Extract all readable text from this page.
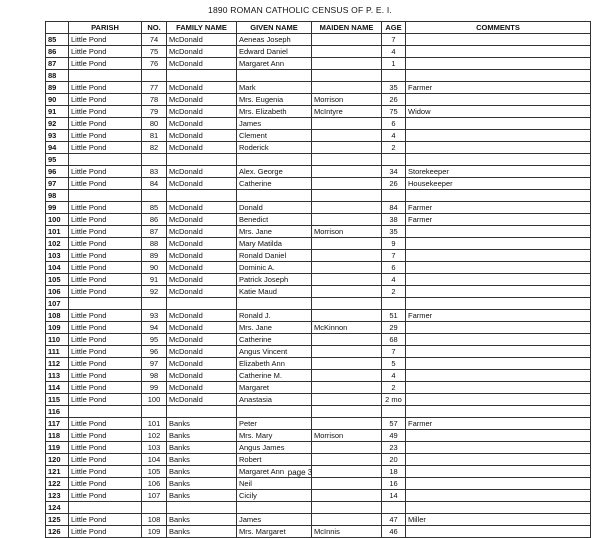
1890 ROMAN CATHOLIC CENSUS OF P. E. I.
	PARISH	NO.	FAMILY NAME	GIVEN NAME	MAIDEN NAME	AGE	COMMENTS
85	Little Pond	74	McDonald	Aeneas Joseph		7	
86	Little Pond	75	McDonald	Edward Daniel		4	
87	Little Pond	76	McDonald	Margaret Ann		1	
88							
89	Little Pond	77	McDonald	Mark		35	Farmer
90	Little Pond	78	McDonald	Mrs. Eugenia	Morrison	26	
91	Little Pond	79	McDonald	Mrs. Elizabeth	McIntyre	75	Widow
92	Little Pond	80	McDonald	James		6	
93	Little Pond	81	McDonald	Clement		4	
94	Little Pond	82	McDonald	Roderick		2	
95							
96	Little Pond	83	McDonald	Alex. George		34	Storekeeper
97	Little Pond	84	McDonald	Catherine		26	Housekeeper
98							
99	Little Pond	85	McDonald	Donald		84	Farmer
100	Little Pond	86	McDonald	Benedict		38	Farmer
101	Little Pond	87	McDonald	Mrs. Jane	Morrison	35	
102	Little Pond	88	McDonald	Mary Matilda		9	
103	Little Pond	89	McDonald	Ronald Daniel		7	
104	Little Pond	90	McDonald	Dominic A.		6	
105	Little Pond	91	McDonald	Patrick Joseph		4	
106	Little Pond	92	McDonald	Katie Maud		2	
107							
108	Little Pond	93	McDonald	Ronald J.		51	Farmer
109	Little Pond	94	McDonald	Mrs. Jane	McKinnon	29	
110	Little Pond	95	McDonald	Catherine		68	
111	Little Pond	96	McDonald	Angus Vincent		7	
112	Little Pond	97	McDonald	Elizabeth Ann		5	
113	Little Pond	98	McDonald	Catherine M.		4	
114	Little Pond	99	McDonald	Margaret		2	
115	Little Pond	100	McDonald	Anastasia		2 mo	
116							
117	Little Pond	101	Banks	Peter		57	Farmer
118	Little Pond	102	Banks	Mrs. Mary	Morrison	49	
119	Little Pond	103	Banks	Angus James		23	
120	Little Pond	104	Banks	Robert		20	
121	Little Pond	105	Banks	Margaret Ann		18	
122	Little Pond	106	Banks	Neil		16	
123	Little Pond	107	Banks	Cicily		14	
124							
125	Little Pond	108	Banks	James		47	Miller
126	Little Pond	109	Banks	Mrs. Margaret	McInnis	46	
page 3
